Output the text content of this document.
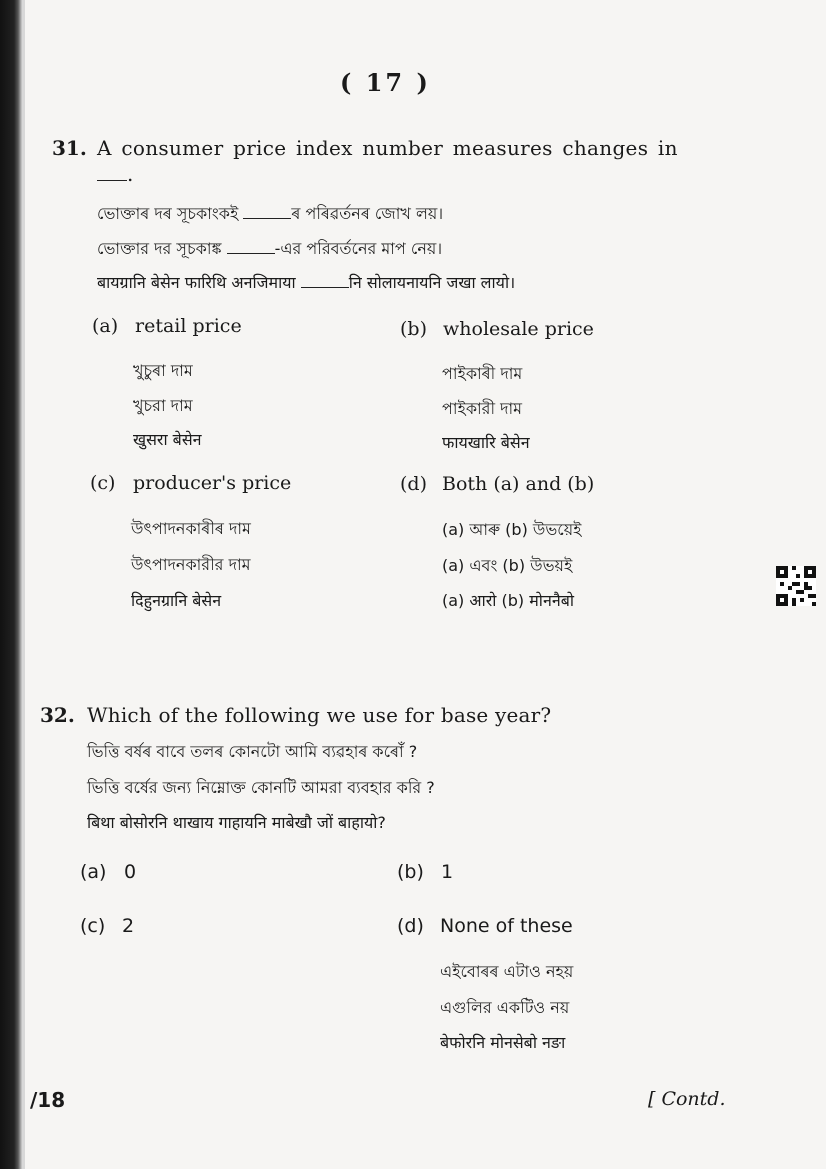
( 17 )
31. A consumer price index number measures changes in
.
ভোক্তাৰ দৰ সূচকাংকই	ৰ পৰিৱৰ্তনৰ জোখ লয়।
ভোক্তার দর সূচকাঙ্ক	-এর পরিবর্তনের মাপ নেয়।
बायग्रानि बेसेन फारिथि अनजिमाया	नि सोलायनायनि जखा लायो।
(a) retail price
খুচুৰা দাম
খুচরা দাম
खुसरा बेसेन
(b) wholesale price
পাইকাৰী দাম
পাইকারী দাম
फायखारि बेसेन
(c) producer's price
উৎপাদনকাৰীৰ দাম
উৎপাদনকারীর দাম
दिहुनग्रानि बेसेन
(d) Both (a) and (b)
(a) আৰু (b) উভয়েই
(a) এবং (b) উভয়ই
(a) आरो (b) मोननैबो
32. Which of the following we use for base year?
ভিত্তি বৰ্ষৰ বাবে তলৰ কোনটো আমি ব্যৱহাৰ কৰোঁ ?
ভিত্তি বর্ষের জন্য নিম্নোক্ত কোনটি আমরা ব্যবহার করি ?
बिथा बोसोरनि थाखाय गाहायनि माबेखौ जों बाहायो?
(a) 0	(b) 1
(c) 2	(d) None of these
এইবোৰৰ এটাও নহয়
এগুলির একটিও নয়
बेफोरनि मोनसेबो नङा
/18	[ Contd.
